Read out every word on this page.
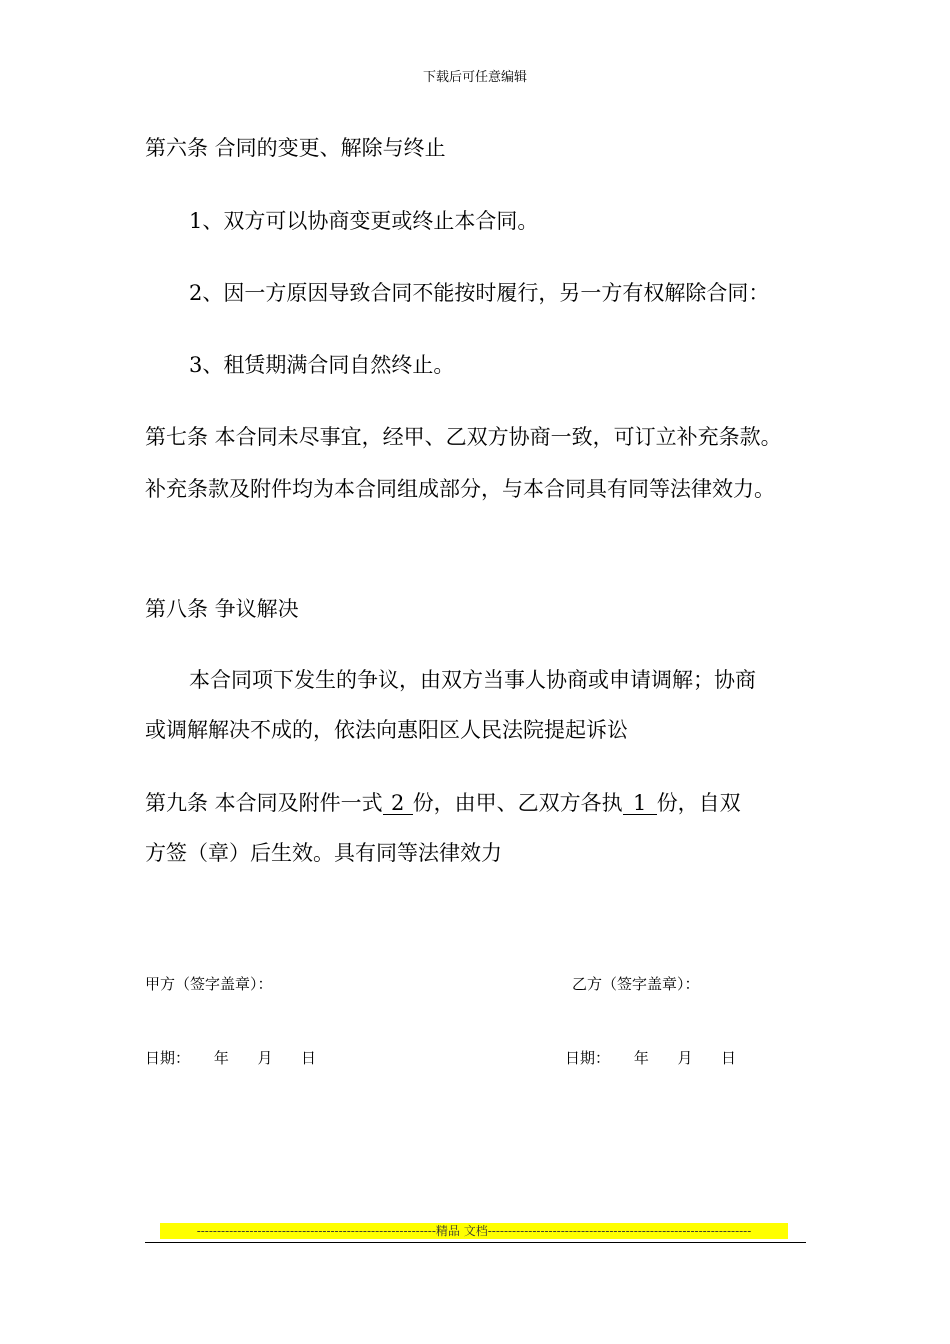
下载后可任意编辑
第六条 合同的变更、解除与终止
1、双方可以协商变更或终止本合同。
2、因一方原因导致合同不能按时履行，另一方有权解除合同：
3、租赁期满合同自然终止。
第七条 本合同未尽事宜，经甲、乙双方协商一致，可订立补充条款。
补充条款及附件均为本合同组成部分，与本合同具有同等法律效力。
第八条 争议解决
本合同项下发生的争议，由双方当事人协商或申请调解；协商
或调解解决不成的，依法向惠阳区人民法院提起诉讼
第九条 本合同及附件一式 2 份，由甲、乙双方各执 1 份，自双
方签（章）后生效。具有同等法律效力
甲方（签字盖章）：	乙方（签字盖章）：
日期：     年      月      日	日期：     年      月      日
-----------------------------------------------------------精品 文档-----------------------------------------------------------------
